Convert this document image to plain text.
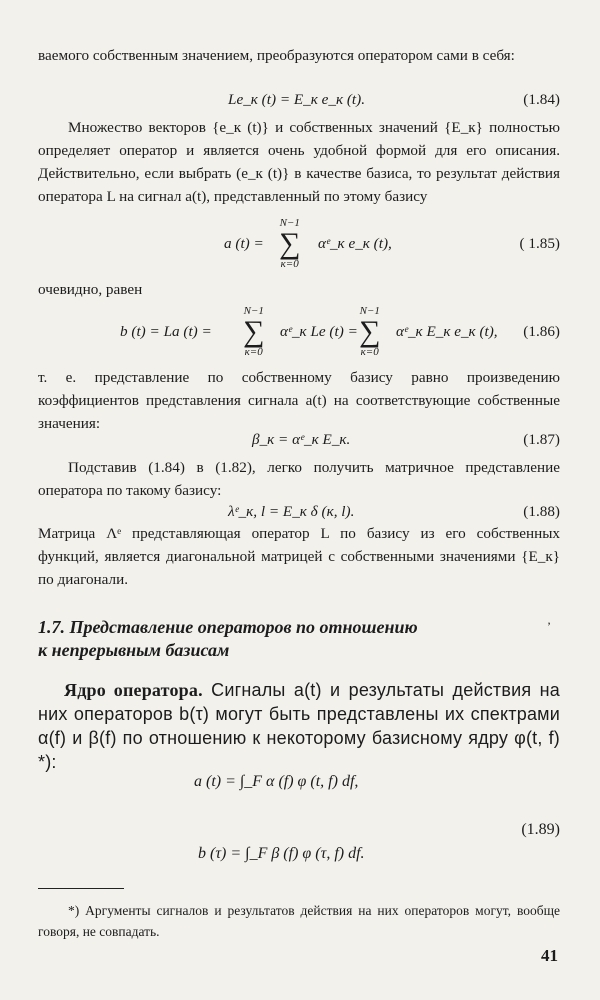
ваемого собственным значением, преобразуются оператором сами в себя:

Le_к (t) = E_к e_к (t).	(1.84)

Множество векторов {e_к (t)} и собственных значений {E_к} полностью определяет оператор и является очень удобной формой для его описания. Действительно, если выбрать (e_к (t)} в качестве базиса, то результат действия оператора L на сигнал a(t), представленный по этому базису

a (t) =
N−1
∑
к=0
αᵉ_к e_к (t),	( 1.85)

очевидно, равен

b (t) = La (t) =
N−1
∑
к=0
αᵉ_к Le (t) =
N−1
∑
к=0
αᵉ_к E_к e_к (t), (1.86)

т. е. представление по собственному базису равно произведению коэффициентов представления сигнала a(t) на соответствующие собственные значения:

β_к = αᵉ_к E_к.	(1.87)

Подставив (1.84) в (1.82), легко получить матричное представление оператора по такому базису:

λᵉ_к, l = E_к δ (к, l).	(1.88)

Матрица Λᵉ представляющая оператор L по базису из его собственных функций, является диагональной матрицей с собственными значениями {E_к} по диагонали.

1.7. Представление операторов по отношению
к непрерывным базисам
’
Ядро оператора. Сигналы a(t) и результаты действия на них операторов b(τ) могут быть представлены их спектрами α(f) и β(f) по отношению к некоторому базисному ядру φ(t, f) *):
a (t) = ∫_F α (f) φ (t, f) df,
(1.89)
b (τ) = ∫_F β (f) φ (τ, f) df.

*) Аргументы сигналов и результатов действия на них операторов могут, вообще говоря, не совпадать.

41
